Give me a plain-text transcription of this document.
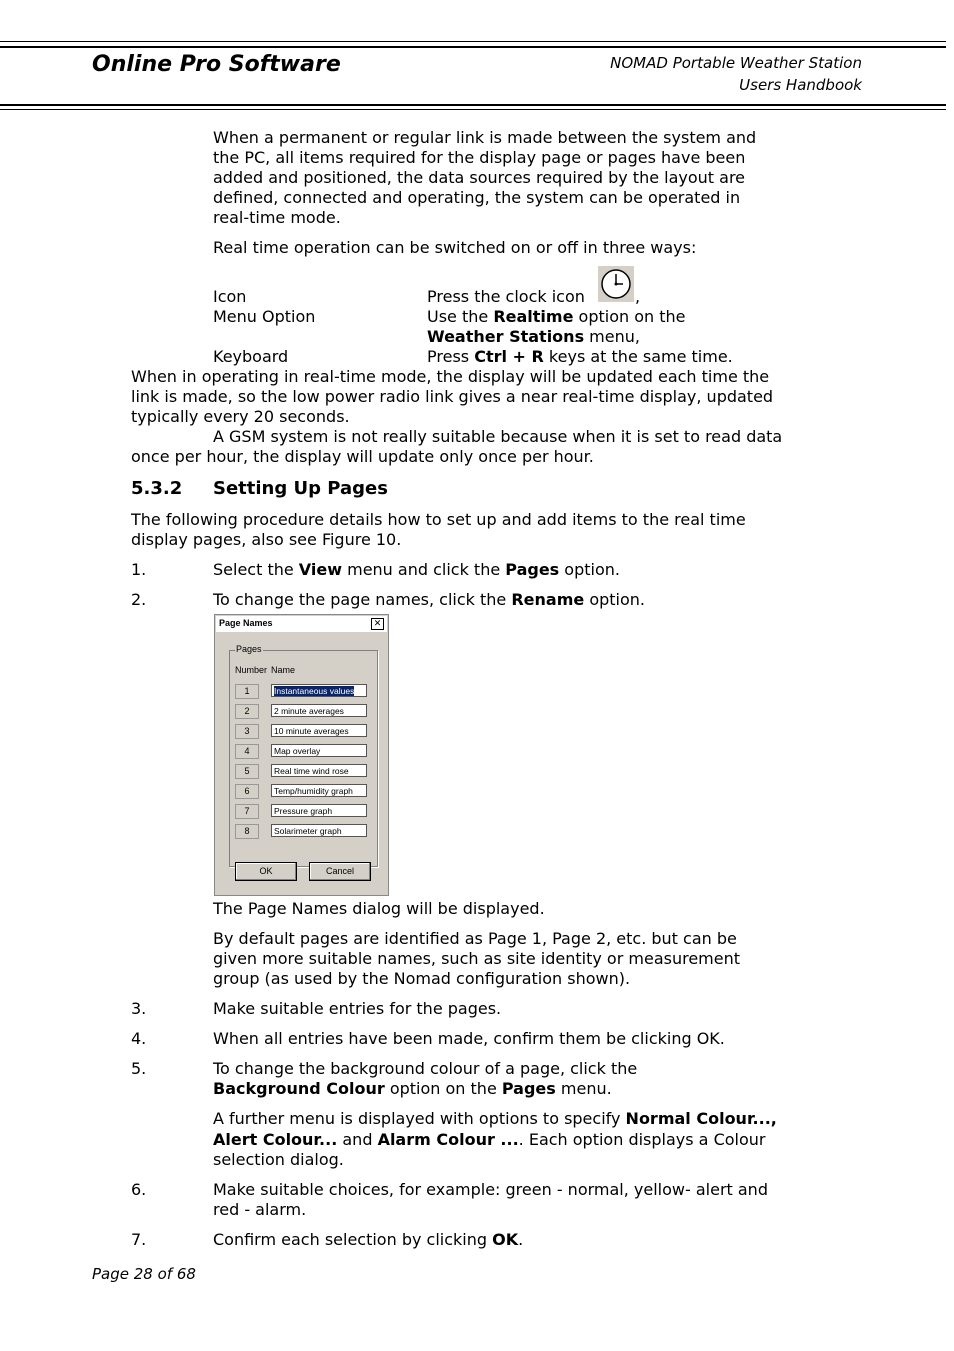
Online Pro Software	NOMAD Portable Weather Station
Users Handbook
When a permanent or regular link is made between the system and
the PC, all items required for the display page or pages have been
added and positioned, the data sources required by the layout are
defined, connected and operating, the system can be operated in
real-time mode.
Real time operation can be switched on or off in three ways:
Icon	Press the clock icon	,
Menu Option	Use the Realtime option on the
Weather Stations menu,
Keyboard	Press Ctrl + R keys at the same time.
When in operating in real-time mode, the display will be updated each time the
link is made, so the low power radio link gives a near real-time display, updated
typically every 20 seconds.
A GSM system is not really suitable because when it is set to read data
once per hour, the display will update only once per hour.
5.3.2 Setting Up Pages
The following procedure details how to set up and add items to the real time
display pages, also see Figure 10.
1.	Select the View menu and click the Pages option.
2.	To change the page names, click the Rename option.
Page Names	✕
Pages
Number Name
1	Instantaneous values
2	2 minute averages
3	10 minute averages
4	Map overlay
5	Real time wind rose
6	Temp/humidity graph
7	Pressure graph
8	Solarimeter graph
OK	Cancel
The Page Names dialog will be displayed.
By default pages are identified as Page 1, Page 2, etc. but can be
given more suitable names, such as site identity or measurement
group (as used by the Nomad configuration shown).
3.	Make suitable entries for the pages.
4.	When all entries have been made, confirm them be clicking OK.
5.	To change the background colour of a page, click the
Background Colour option on the Pages menu.
A further menu is displayed with options to specify Normal Colour...,
Alert Colour... and Alarm Colour .... Each option displays a Colour
selection dialog.
6.	Make suitable choices, for example: green - normal, yellow- alert and
red - alarm.
7.	Confirm each selection by clicking OK.
Page 28 of 68
